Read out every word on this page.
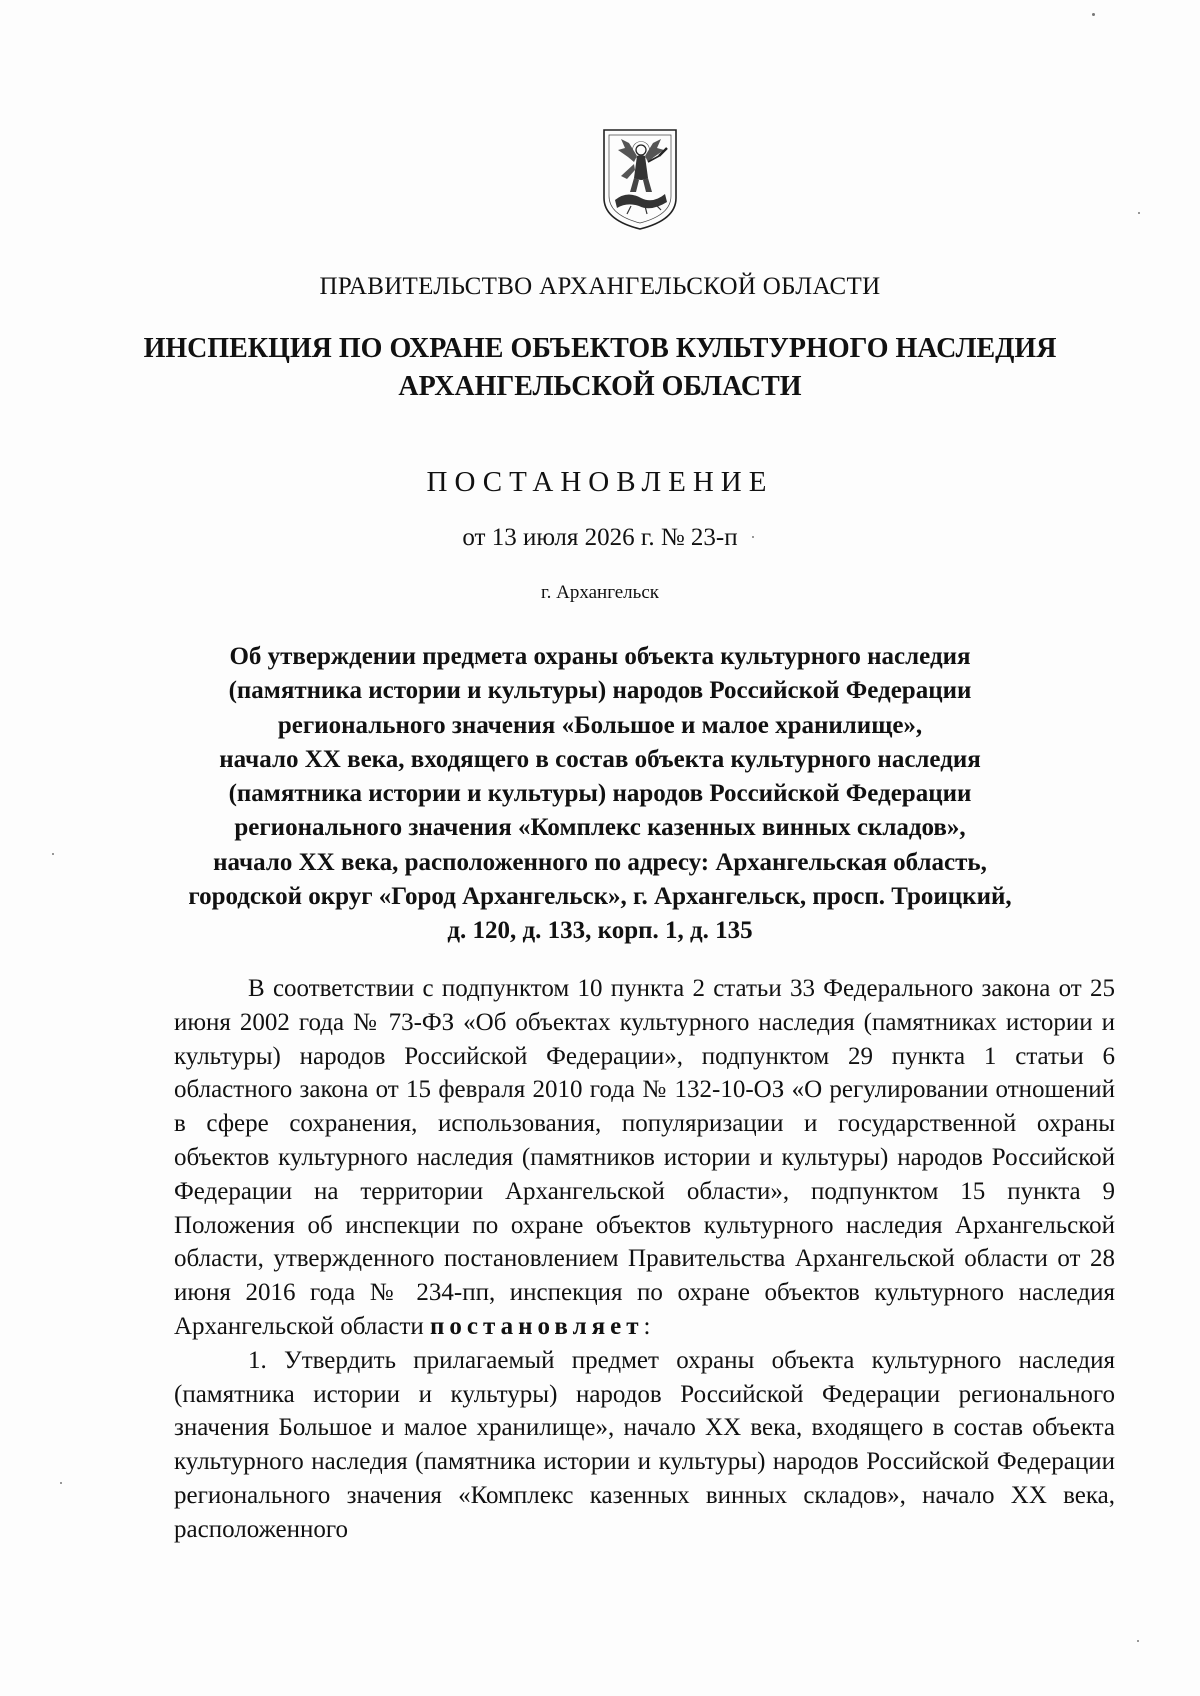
ПРАВИТЕЛЬСТВО АРХАНГЕЛЬСКОЙ ОБЛАСТИ
ИНСПЕКЦИЯ ПО ОХРАНЕ ОБЪЕКТОВ КУЛЬТУРНОГО НАСЛЕДИЯ
АРХАНГЕЛЬСКОЙ ОБЛАСТИ
ПОСТАНОВЛЕНИЕ
от 13 июля 2026 г. № 23-п
г. Архангельск
Об утверждении предмета охраны объекта культурного наследия
(памятника истории и культуры) народов Российской Федерации
регионального значения «Большое и малое хранилище»,
начало XX века, входящего в состав объекта культурного наследия
(памятника истории и культуры) народов Российской Федерации
регионального значения «Комплекс казенных винных складов»,
начало XX века, расположенного по адресу: Архангельская область,
городской округ «Город Архангельск», г. Архангельск, просп. Троицкий,
д. 120, д. 133, корп. 1, д. 135

В соответствии с подпунктом 10 пункта 2 статьи 33 Федерального закона от 25 июня 2002 года № 73-ФЗ «Об объектах культурного наследия (памятниках истории и культуры) народов Российской Федерации», подпунктом 29 пункта 1 статьи 6 областного закона от 15 февраля 2010 года № 132-10-ОЗ «О регулировании отношений в сфере сохранения, использования, популяризации и государственной охраны объектов культурного наследия (памятников истории и культуры) народов Российской Федерации на территории Архангельской области», подпунктом 15 пункта 9 Положения об инспекции по охране объектов культурного наследия Архангельской области, утвержденного постановлением Правительства Архангельской области от 28 июня 2016 года № 234-пп, инспекция по охране объектов культурного наследия Архангельской области постановляет:

1. Утвердить прилагаемый предмет охраны объекта культурного наследия (памятника истории и культуры) народов Российской Федерации регионального значения Большое и малое хранилище», начало XX века, входящего в состав объекта культурного наследия (памятника истории и культуры) народов Российской Федерации регионального значения «Комплекс казенных винных складов», начало XX века, расположенного
